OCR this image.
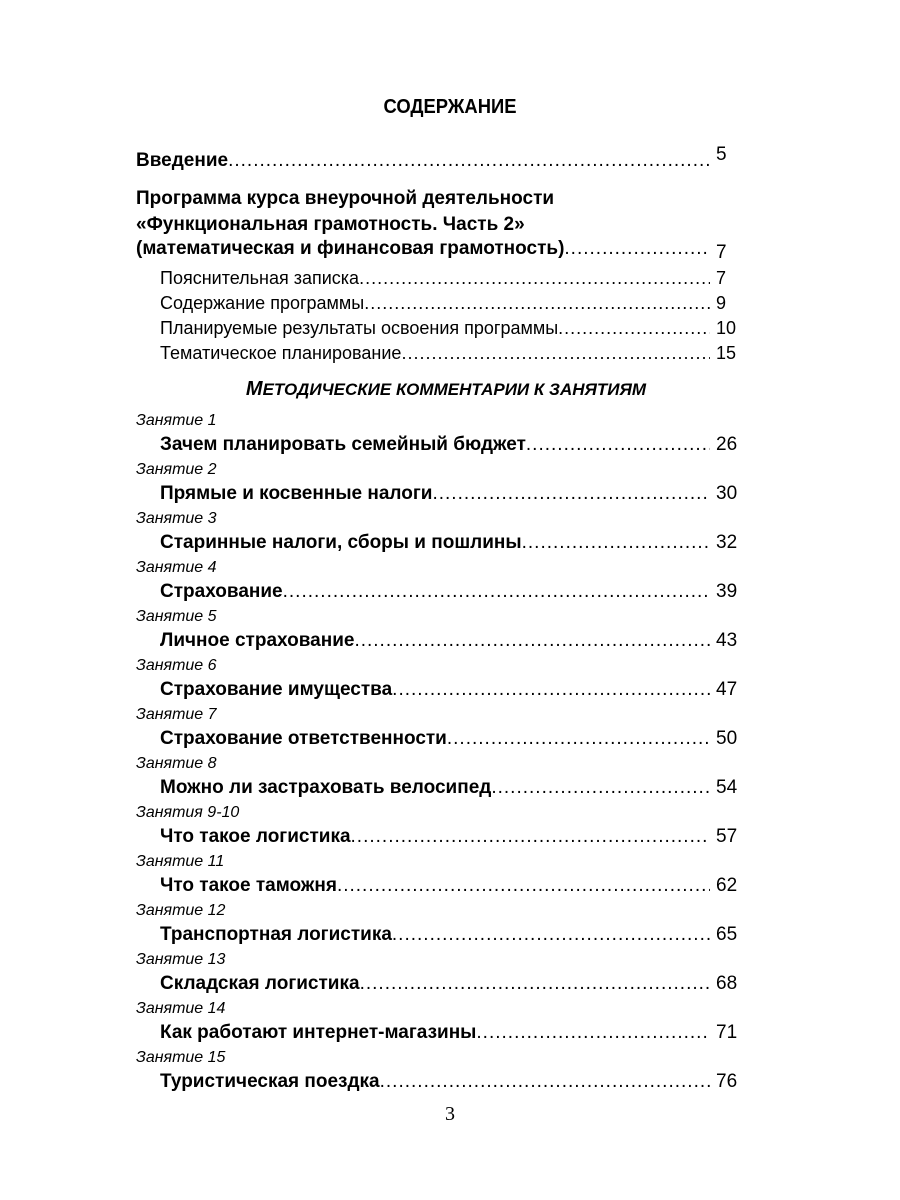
СОДЕРЖАНИЕ
Введение .....	5
Программа курса внеурочной деятельности
«Функциональная грамотность. Часть 2»
(математическая и финансовая грамотность) .....	7
Пояснительная записка .....	7
Содержание программы .....	9
Планируемые результаты освоения программы .....	10
Тематическое планирование .....	15
МЕТОДИЧЕСКИЕ КОММЕНТАРИИ К ЗАНЯТИЯМ
Занятие 1
Зачем планировать семейный бюджет .....	26
Занятие 2
Прямые и косвенные налоги .....	30
Занятие 3
Старинные налоги, сборы и пошлины .....	32
Занятие 4
Страхование .....	39
Занятие 5
Личное страхование .....	43
Занятие 6
Страхование имущества .....	47
Занятие 7
Страхование ответственности .....	50
Занятие 8
Можно ли застраховать велосипед .....	54
Занятия 9-10
Что такое логистика .....	57
Занятие 11
Что такое таможня .....	62
Занятие 12
Транспортная логистика .....	65
Занятие 13
Складская логистика .....	68
Занятие 14
Как работают интернет-магазины .....	71
Занятие 15
Туристическая поездка .....	76
3
